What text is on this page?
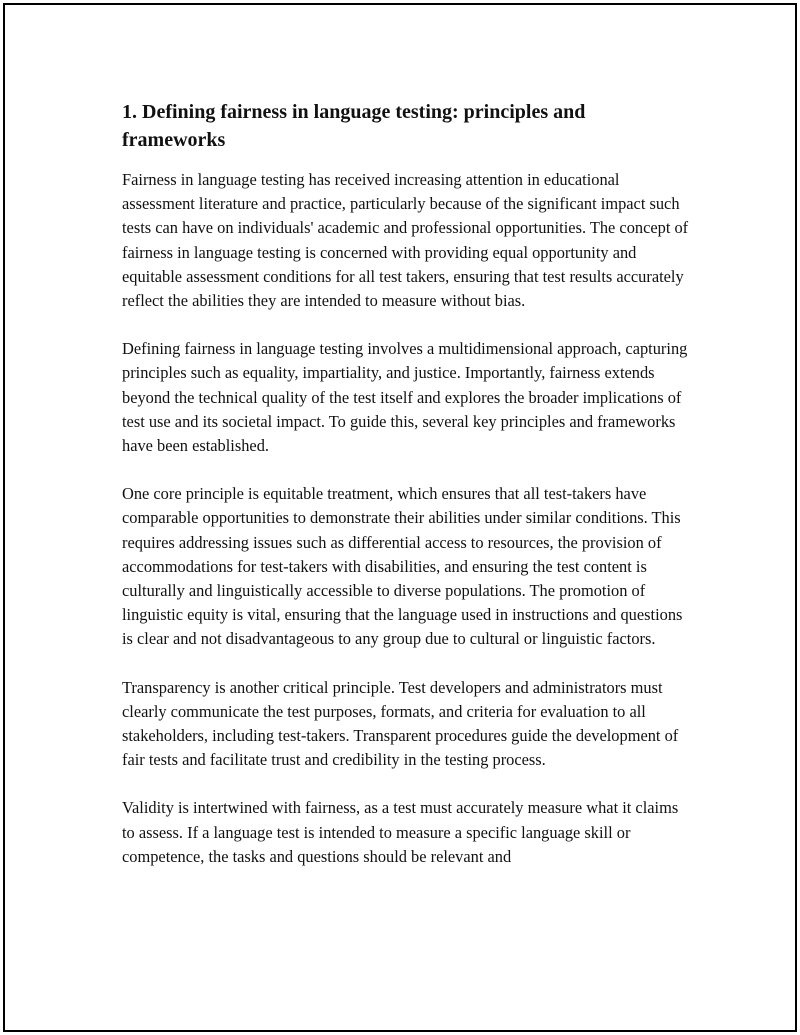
1. Defining fairness in language testing: principles and frameworks

Fairness in language testing has received increasing attention in educational assessment literature and practice, particularly because of the significant impact such tests can have on individuals' academic and professional opportunities. The concept of fairness in language testing is concerned with providing equal opportunity and equitable assessment conditions for all test takers, ensuring that test results accurately reflect the abilities they are intended to measure without bias.

Defining fairness in language testing involves a multidimensional approach, capturing principles such as equality, impartiality, and justice. Importantly, fairness extends beyond the technical quality of the test itself and explores the broader implications of test use and its societal impact. To guide this, several key principles and frameworks have been established.

One core principle is equitable treatment, which ensures that all test-takers have comparable opportunities to demonstrate their abilities under similar conditions. This requires addressing issues such as differential access to resources, the provision of accommodations for test-takers with disabilities, and ensuring the test content is culturally and linguistically accessible to diverse populations. The promotion of linguistic equity is vital, ensuring that the language used in instructions and questions is clear and not disadvantageous to any group due to cultural or linguistic factors.

Transparency is another critical principle. Test developers and administrators must clearly communicate the test purposes, formats, and criteria for evaluation to all stakeholders, including test-takers. Transparent procedures guide the development of fair tests and facilitate trust and credibility in the testing process.

Validity is intertwined with fairness, as a test must accurately measure what it claims to assess. If a language test is intended to measure a specific language skill or competence, the tasks and questions should be relevant and
